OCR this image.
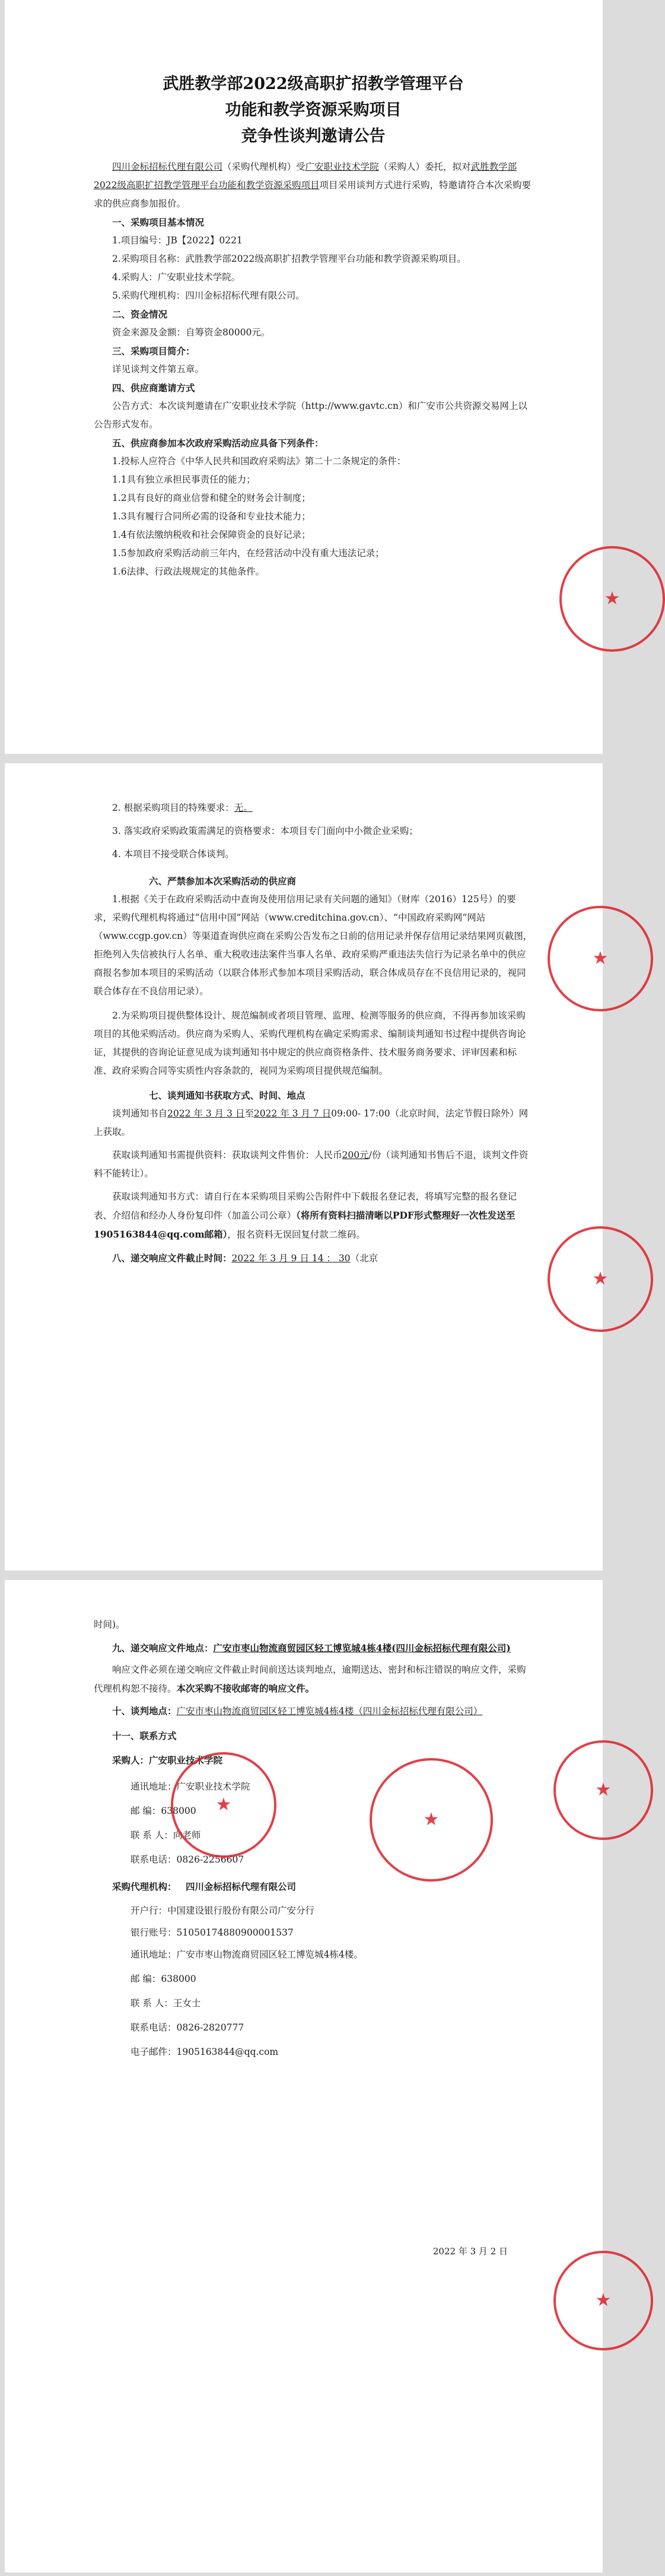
武胜教学部2022级高职扩招教学管理平台
功能和教学资源采购项目
竞争性谈判邀请公告

四川金标招标代理有限公司（采购代理机构）受广安职业技术学院（采购人）委托，拟对武胜教学部2022级高职扩招教学管理平台功能和教学资源采购项目项目采用谈判方式进行采购，特邀请符合本次采购要求的供应商参加报价。

一、采购项目基本情况

1.项目编号：JB【2022】0221

2.采购项目名称：武胜教学部2022级高职扩招教学管理平台功能和教学资源采购项目。

4.采购人：广安职业技术学院。

5.采购代理机构：四川金标招标代理有限公司。

二、资金情况

资金来源及金额：自筹资金80000元。

三、采购项目简介：

详见谈判文件第五章。

四、供应商邀请方式

公告方式：本次谈判邀请在广安职业技术学院（http://www.gavtc.cn）和广安市公共资源交易网上以公告形式发布。

五、供应商参加本次政府采购活动应具备下列条件：

1.投标人应符合《中华人民共和国政府采购法》第二十二条规定的条件：

1.1具有独立承担民事责任的能力；

1.2具有良好的商业信誉和健全的财务会计制度；

1.3具有履行合同所必需的设备和专业技术能力；

1.4有依法缴纳税收和社会保障资金的良好记录；

1.5参加政府采购活动前三年内，在经营活动中没有重大违法记录；

1.6法律、行政法规规定的其他条件。

★

2. 根据采购项目的特殊要求：无。

3. 落实政府采购政策需满足的资格要求：本项目专门面向中小微企业采购；

4. 本项目不接受联合体谈判。

六、严禁参加本次采购活动的供应商

1.根据《关于在政府采购活动中查询及使用信用记录有关问题的通知》（财库（2016）125号）的要求，采购代理机构将通过“信用中国”网站（www.creditchina.gov.cn）、“中国政府采购网”网站（www.ccgp.gov.cn）等渠道查询供应商在采购公告发布之日前的信用记录并保存信用记录结果网页截图，拒绝列入失信被执行人名单、重大税收违法案件当事人名单、政府采购严重违法失信行为记录名单中的供应商报名参加本项目的采购活动（以联合体形式参加本项目采购活动，联合体成员存在不良信用记录的，视同联合体存在不良信用记录）。

2.为采购项目提供整体设计、规范编制或者项目管理、监理、检测等服务的供应商，不得再参加该采购项目的其他采购活动。供应商为采购人、采购代理机构在确定采购需求、编制谈判通知书过程中提供咨询论证，其提供的咨询论证意见成为谈判通知书中规定的供应商资格条件、技术服务商务要求、评审因素和标准、政府采购合同等实质性内容条款的，视同为采购项目提供规范编制。

七、谈判通知书获取方式、时间、地点

谈判通知书自2022 年 3 月 3 日至2022 年 3 月 7 日09:00- 17:00（北京时间，法定节假日除外）网上获取。

获取谈判通知书需提供资料：获取谈判文件售价：人民币200元/份（谈判通知书售后不退，谈判文件资料不能转让）。

获取谈判通知书方式：请自行在本采购项目采购公告附件中下载报名登记表，将填写完整的报名登记表、介绍信和经办人身份复印件（加盖公司公章）（将所有资料扫描清晰以PDF形式整理好一次性发送至1905163844@qq.com邮箱），报名资料无误回复付款二维码。

八、递交响应文件截止时间：2022 年 3 月 9 日 14 ： 30（北京

★
★

时间)。

九、递交响应文件地点：广安市枣山物流商贸园区轻工博览城4栋4楼(四川金标招标代理有限公司)

响应文件必须在递交响应文件截止时间前送达谈判地点，逾期送达、密封和标注错误的响应文件，采购代理机构恕不接待。本次采购不接收邮寄的响应文件。

十、谈判地点：广安市枣山物流商贸园区轻工博览城4栋4楼（四川金标招标代理有限公司）

十一、联系方式

采购人：广安职业技术学院

通讯地址：广安职业技术学院

邮 编：638000

联 系 人：向老师

联系电话：0826-2256607

采购代理机构： 四川金标招标代理有限公司

开户行：中国建设银行股份有限公司广安分行

银行账号：51050174880900001537

通讯地址：广安市枣山物流商贸园区轻工博览城4栋4楼。

邮 编：638000

联 系 人：王女士

联系电话：0826-2820777

电子邮件：1905163844@qq.com

2022 年 3 月 2 日
★
★
★
★
